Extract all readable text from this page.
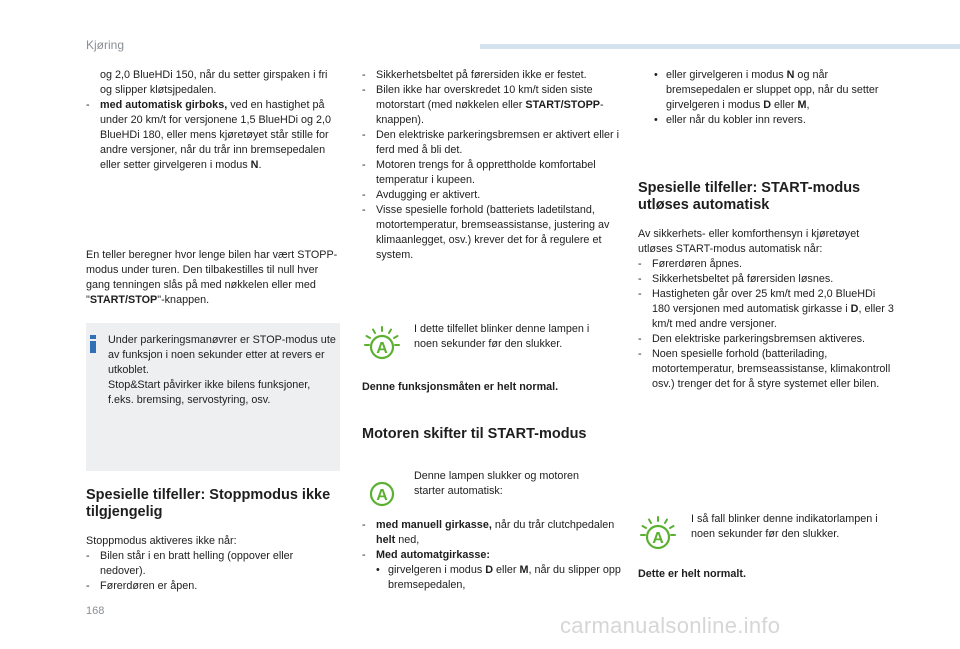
Kjøring

og 2,0 BlueHDi 150, når du setter girspaken i fri og slipper kløtsjpedalen.

- med automatisk girboks, ved en hastighet på under 20 km/t for versjonene 1,5 BlueHDi og 2,0 BlueHDi 180, eller mens kjøretøyet står stille for andre versjoner, når du trår inn bremsepedalen eller setter girvelgeren i modus N.

En teller beregner hvor lenge bilen har vært STOPP-modus under turen. Den tilbakestilles til null hver gang tenningen slås på med nøkkelen eller med "START/STOP"-knappen.

Under parkeringsmanøvrer er STOP-modus ute av funksjon i noen sekunder etter at revers er utkoblet.

Stop&Start påvirker ikke bilens funksjoner, f.eks. bremsing, servostyring, osv.

Spesielle tilfeller: Stoppmodus ikke tilgjengelig

Stoppmodus aktiveres ikke når:

- Bilen står i en bratt helling (oppover eller nedover).
- Førerdøren er åpen.
- Sikkerhetsbeltet på førersiden ikke er festet.
- Bilen ikke har overskredet 10 km/t siden siste motorstart (med nøkkelen eller START/STOPP-knappen).
- Den elektriske parkeringsbremsen er aktivert eller i ferd med å bli det.
- Motoren trengs for å opprettholde komfortabel temperatur i kupeen.
- Avdugging er aktivert.
- Visse spesielle forhold (batteriets ladetilstand, motortemperatur, bremseassistanse, justering av klimaanlegget, osv.) krever det for å regulere et system.
A
I dette tilfellet blinker denne lampen i noen sekunder før den slukker.
Denne funksjonsmåten er helt normal.
Motoren skifter til START-modus
A
Denne lampen slukker og motoren starter automatisk:
- med manuell girkasse, når du trår clutchpedalen helt ned,
- Med automatgirkasse:
• girvelgeren i modus D eller M, når du slipper opp bremsepedalen,
• eller girvelgeren i modus N og når bremsepedalen er sluppet opp, når du setter girvelgeren i modus D eller M,
• eller når du kobler inn revers.
Spesielle tilfeller: START-modus utløses automatisk

Av sikkerhets- eller komforthensyn i kjøretøyet utløses START-modus automatisk når:

- Førerdøren åpnes.
- Sikkerhetsbeltet på førersiden løsnes.
- Hastigheten går over 25 km/t med 2,0 BlueHDi 180 versjonen med automatisk girkasse i D, eller 3 km/t med andre versjoner.
- Den elektriske parkeringsbremsen aktiveres.
- Noen spesielle forhold (batterilading, motortemperatur, bremseassistanse, klimakontroll osv.) trenger det for å styre systemet eller bilen.
A
I så fall blinker denne indikatorlampen i noen sekunder før den slukker.
Dette er helt normalt.
168
carmanualsonline.info
